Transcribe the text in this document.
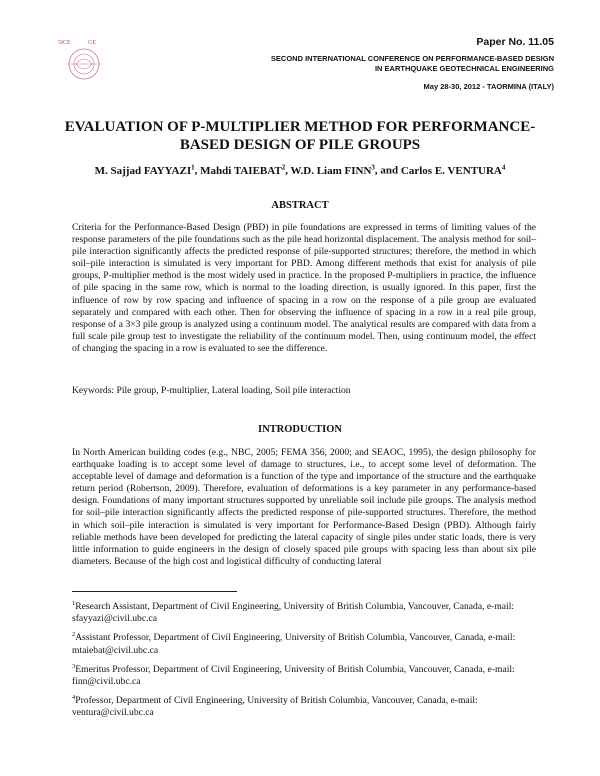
5ICE	GE	Paper No. 11.05
SECOND INTERNATIONAL CONFERENCE ON PERFORMANCE-BASED DESIGN IN EARTHQUAKE GEOTECHNICAL ENGINEERING
May 28-30, 2012 - TAORMINA (ITALY)
EVALUATION OF P-MULTIPLIER METHOD FOR PERFORMANCE-BASED DESIGN OF PILE GROUPS
M. Sajjad FAYYAZI$^1$, Mahdi TAIEBAT$^2$, W.D. Liam FINN$^3$, and Carlos E. VENTURA$^4$
ABSTRACT

Criteria for the Performance-Based Design (PBD) in pile foundations are expressed in terms of limiting values of the response parameters of the pile foundations such as the pile head horizontal displacement. The analysis method for soil–pile interaction significantly affects the predicted response of pile-supported structures; therefore, the method in which soil–pile interaction is simulated is very important for PBD. Among different methods that exist for analysis of pile groups, P-multiplier method is the most widely used in practice. In the proposed P-multipliers in practice, the influence of pile spacing in the same row, which is normal to the loading direction, is usually ignored. In this paper, first the influence of row by row spacing and influence of spacing in a row on the response of a pile group are evaluated separately and compared with each other. Then for observing the influence of spacing in a row in a real pile group, response of a 3×3 pile group is analyzed using a continuum model. The analytical results are compared with data from a full scale pile group test to investigate the reliability of the continuum model. Then, using continuum model, the effect of changing the spacing in a row is evaluated to see the difference.

Keywords: Pile group, P-multiplier, Lateral loading, Soil pile interaction
INTRODUCTION

In North American building codes (e.g., NBC, 2005; FEMA 356, 2000; and SEAOC, 1995), the design philosophy for earthquake loading is to accept some level of damage to structures, i.e., to accept some level of deformation. The acceptable level of damage and deformation is a function of the type and importance of the structure and the earthquake return period (Robertson, 2009). Therefore, evaluation of deformations is a key parameter in any performance-based design. Foundations of many important structures supported by unreliable soil include pile groups. The analysis method for soil–pile interaction significantly affects the predicted response of pile-supported structures. Therefore, the method in which soil–pile interaction is simulated is very important for Performance-Based Design (PBD). Although fairly reliable methods have been developed for predicting the lateral capacity of single piles under static loads, there is very little information to guide engineers in the design of closely spaced pile groups with spacing less than about six pile diameters. Because of the high cost and logistical difficulty of conducting lateral

$^1$Research Assistant, Department of Civil Engineering, University of British Columbia, Vancouver, Canada, e-mail: sfayyazi@civil.ubc.ca

$^2$Assistant Professor, Department of Civil Engineering, University of British Columbia, Vancouver, Canada, e-mail: mtaiebat@civil.ubc.ca

$^3$Emeritus Professor, Department of Civil Engineering, University of British Columbia, Vancouver, Canada, e-mail: finn@civil.ubc.ca

$^4$Professor, Department of Civil Engineering, University of British Columbia, Vancouver, Canada, e-mail: ventura@civil.ubc.ca
